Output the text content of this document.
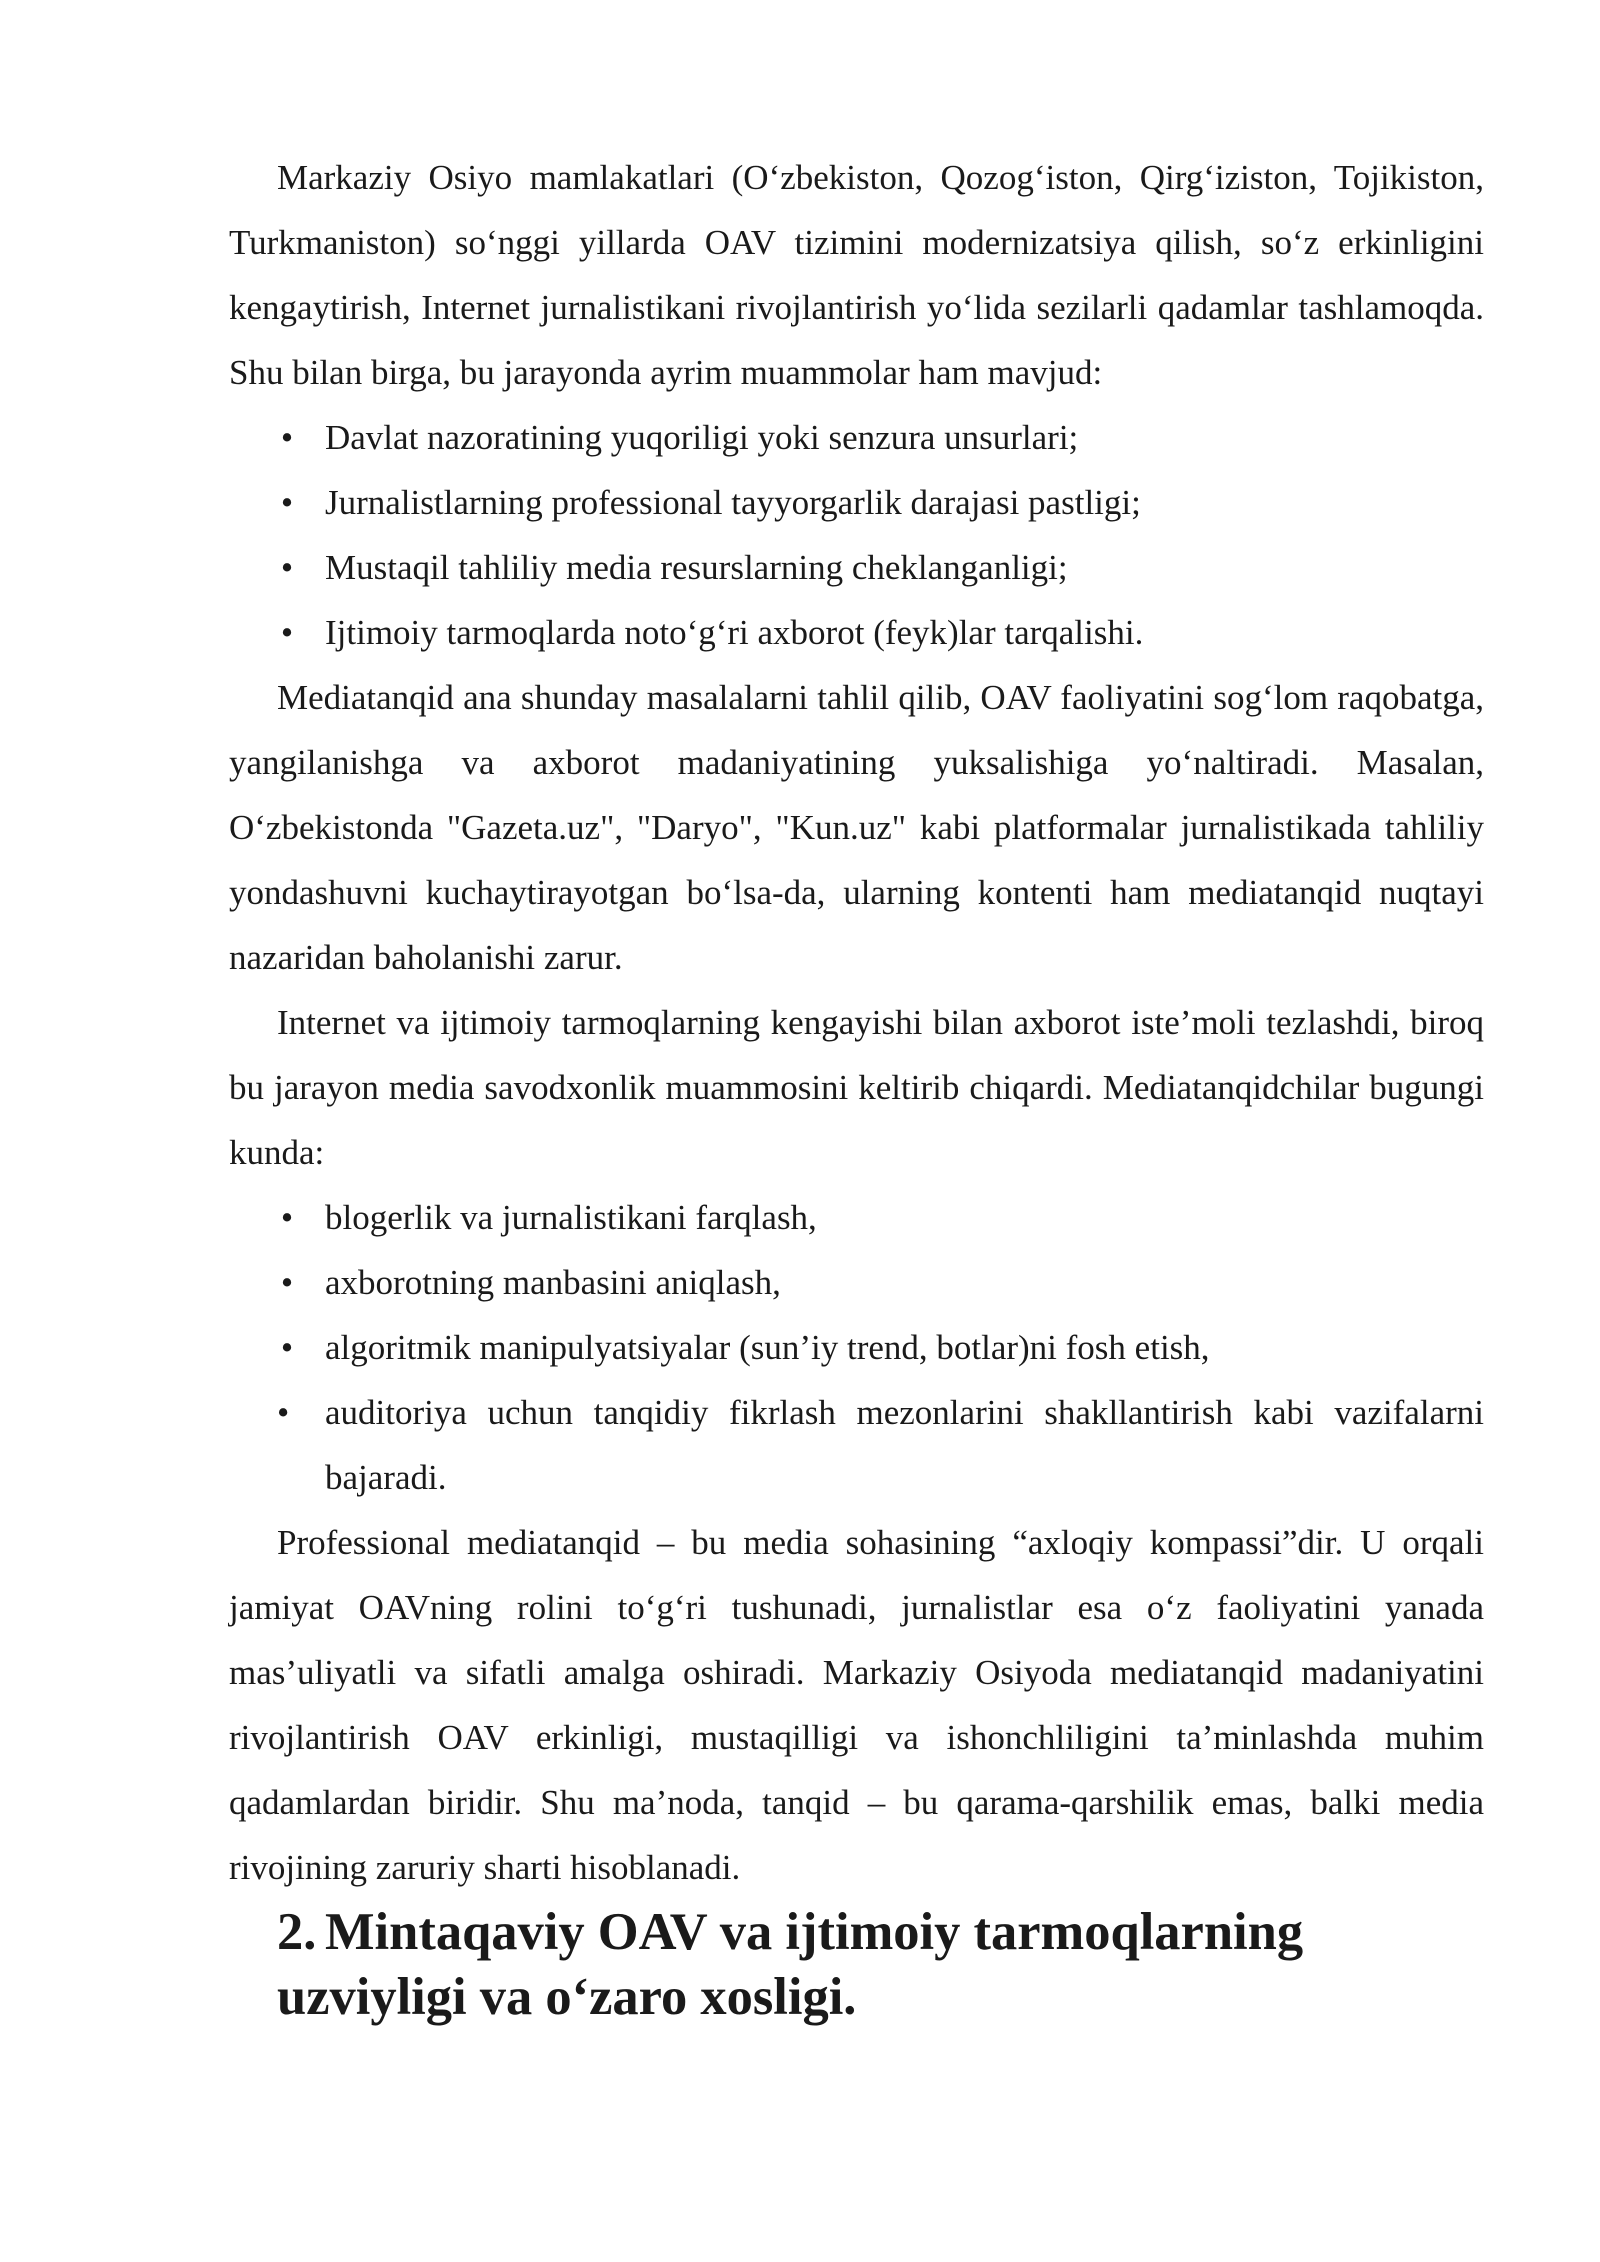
Markaziy Osiyo mamlakatlari (O‘zbekiston, Qozog‘iston, Qirg‘iziston, Tojikiston, Turkmaniston) so‘nggi yillarda OAV tizimini modernizatsiya qilish, so‘z erkinligini kengaytirish, Internet jurnalistikani rivojlantirish yo‘lida sezilarli qadamlar tashlamoqda. Shu bilan birga, bu jarayonda ayrim muammolar ham mavjud:

• Davlat nazoratining yuqoriligi yoki senzura unsurlari;
• Jurnalistlarning professional tayyorgarlik darajasi pastligi;
• Mustaqil tahliliy media resurslarning cheklanganligi;
• Ijtimoiy tarmoqlarda noto‘g‘ri axborot (feyk)lar tarqalishi.

Mediatanqid ana shunday masalalarni tahlil qilib, OAV faoliyatini sog‘lom raqobatga, yangilanishga va axborot madaniyatining yuksalishiga yo‘naltiradi. Masalan, O‘zbekistonda "Gazeta.uz", "Daryo", "Kun.uz" kabi platformalar jurnalistikada tahliliy yondashuvni kuchaytirayotgan bo‘lsa-da, ularning kontenti ham mediatanqid nuqtayi nazaridan baholanishi zarur.

Internet va ijtimoiy tarmoqlarning kengayishi bilan axborot iste’moli tezlashdi, biroq bu jarayon media savodxonlik muammosini keltirib chiqardi. Mediatanqidchilar bugungi kunda:

• blogerlik va jurnalistikani farqlash,
• axborotning manbasini aniqlash,
• algoritmik manipulyatsiyalar (sun’iy trend, botlar)ni fosh etish,
• auditoriya uchun tanqidiy fikrlash mezonlarini shakllantirish kabi vazifalarni bajaradi.

Professional mediatanqid – bu media sohasining “axloqiy kompassi”dir. U orqali jamiyat OAVning rolini to‘g‘ri tushunadi, jurnalistlar esa o‘z faoliyatini yanada mas’uliyatli va sifatli amalga oshiradi. Markaziy Osiyoda mediatanqid madaniyatini rivojlantirish OAV erkinligi, mustaqilligi va ishonchliligini ta’minlashda muhim qadamlardan biridir. Shu ma’noda, tanqid – bu qarama-qarshilik emas, balki media rivojining zaruriy sharti hisoblanadi.

2. Mintaqaviy OAV va ijtimoiy tarmoqlarning uzviyligi va o‘zaro xosligi.
